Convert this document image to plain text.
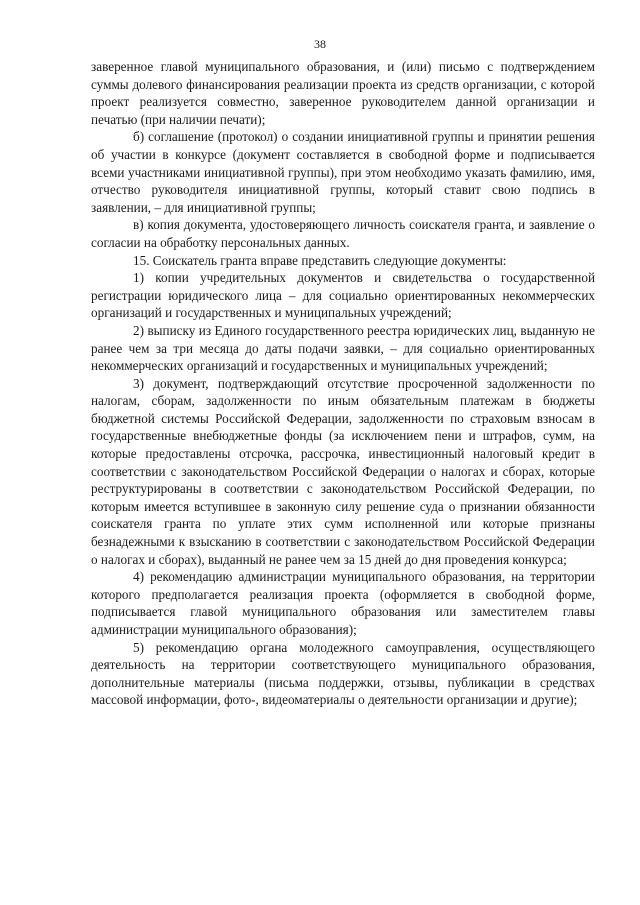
38

заверенное главой муниципального образования, и (или) письмо с подтверждением суммы долевого финансирования реализации проекта из средств организации, с которой проект реализуется совместно, заверенное руководителем данной организации и печатью (при наличии печати);

б) соглашение (протокол) о создании инициативной группы и принятии решения об участии в конкурсе (документ составляется в свободной форме и подписывается всеми участниками инициативной группы), при этом необходимо указать фамилию, имя, отчество руководителя инициативной группы, который ставит свою подпись в заявлении, – для инициативной группы;

в) копия документа, удостоверяющего личность соискателя гранта, и заявление о согласии на обработку персональных данных.

15. Соискатель гранта вправе представить следующие документы:

1) копии учредительных документов и свидетельства о государственной регистрации юридического лица – для социально ориентированных некоммерческих организаций и государственных и муниципальных учреждений;

2) выписку из Единого государственного реестра юридических лиц, выданную не ранее чем за три месяца до даты подачи заявки, – для социально ориентированных некоммерческих организаций и государственных и муниципальных учреждений;

3) документ, подтверждающий отсутствие просроченной задолженности по налогам, сборам, задолженности по иным обязательным платежам в бюджеты бюджетной системы Российской Федерации, задолженности по страховым взносам в государственные внебюджетные фонды (за исключением пени и штрафов, сумм, на которые предоставлены отсрочка, рассрочка, инвестиционный налоговый кредит в соответствии с законодательством Российской Федерации о налогах и сборах, которые реструктурированы в соответствии с законодательством Российской Федерации, по которым имеется вступившее в законную силу решение суда о признании обязанности соискателя гранта по уплате этих сумм исполненной или которые признаны безнадежными к взысканию в соответствии с законодательством Российской Федерации о налогах и сборах), выданный не ранее чем за 15 дней до дня проведения конкурса;

4) рекомендацию администрации муниципального образования, на территории которого предполагается реализация проекта (оформляется в свободной форме, подписывается главой муниципального образования или заместителем главы администрации муниципального образования);

5) рекомендацию органа молодежного самоуправления, осуществляющего деятельность на территории соответствующего муниципального образования, дополнительные материалы (письма поддержки, отзывы, публикации в средствах массовой информации, фото-, видеоматериалы о деятельности организации и другие);
